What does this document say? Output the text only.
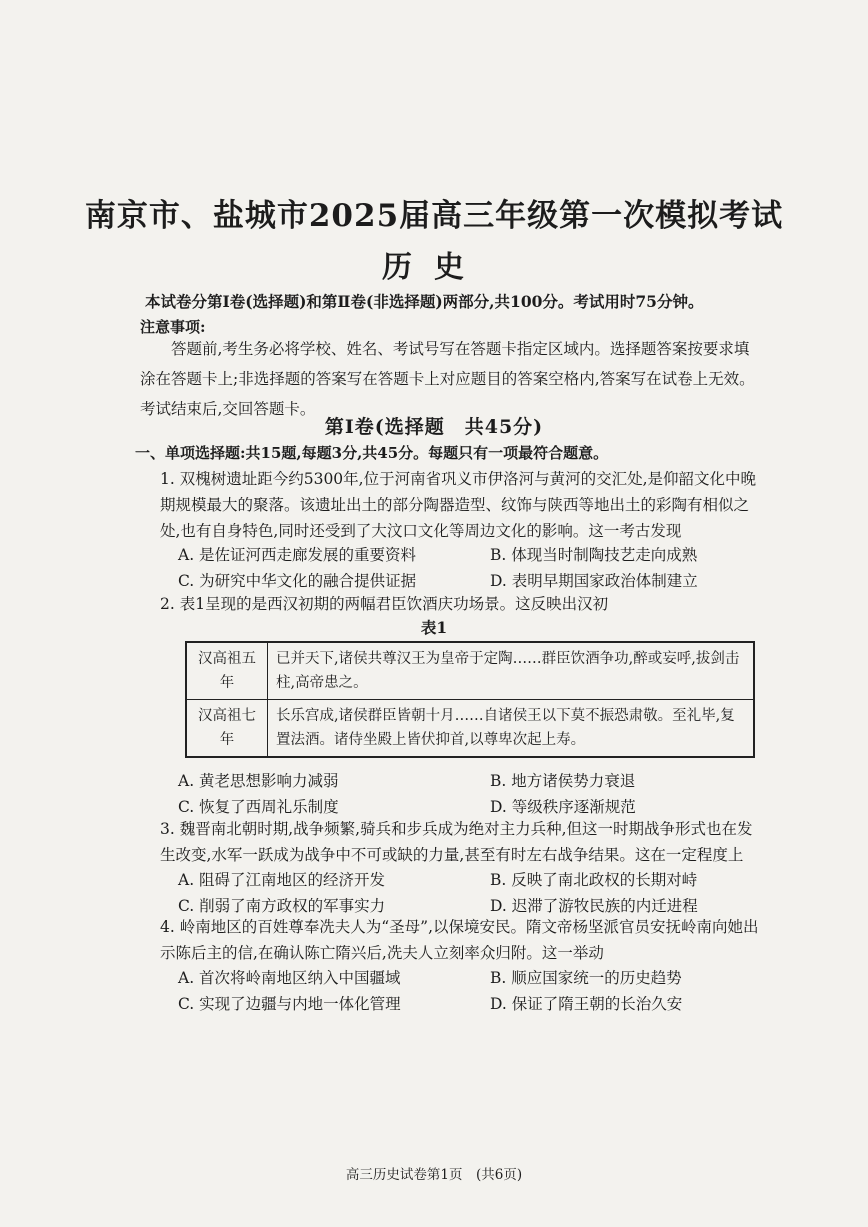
南京市、盐城市2025届高三年级第一次模拟考试
历史
本试卷分第Ⅰ卷(选择题)和第Ⅱ卷(非选择题)两部分,共100分。考试用时75分钟。
注意事项:
答题前,考生务必将学校、姓名、考试号写在答题卡指定区域内。选择题答案按要求填涂在答题卡上;非选择题的答案写在答题卡上对应题目的答案空格内,答案写在试卷上无效。考试结束后,交回答题卡。
第Ⅰ卷(选择题　共45分)
一、单项选择题:共15题,每题3分,共45分。每题只有一项最符合题意。
1. 双槐树遗址距今约5300年,位于河南省巩义市伊洛河与黄河的交汇处,是仰韶文化中晚期规模最大的聚落。该遗址出土的部分陶器造型、纹饰与陕西等地出土的彩陶有相似之处,也有自身特色,同时还受到了大汶口文化等周边文化的影响。这一考古发现
A. 是佐证河西走廊发展的重要资料	B. 体现当时制陶技艺走向成熟
C. 为研究中华文化的融合提供证据	D. 表明早期国家政治体制建立
2. 表1呈现的是西汉初期的两幅君臣饮酒庆功场景。这反映出汉初
表1
汉高祖五年	已并天下,诸侯共尊汉王为皇帝于定陶……群臣饮酒争功,醉或妄呼,拔剑击柱,高帝患之。
汉高祖七年	长乐宫成,诸侯群臣皆朝十月……自诸侯王以下莫不振恐肃敬。至礼毕,复置法酒。诸侍坐殿上皆伏抑首,以尊卑次起上寿。
A. 黄老思想影响力减弱	B. 地方诸侯势力衰退
C. 恢复了西周礼乐制度	D. 等级秩序逐渐规范
3. 魏晋南北朝时期,战争频繁,骑兵和步兵成为绝对主力兵种,但这一时期战争形式也在发生改变,水军一跃成为战争中不可或缺的力量,甚至有时左右战争结果。这在一定程度上
A. 阻碍了江南地区的经济开发	B. 反映了南北政权的长期对峙
C. 削弱了南方政权的军事实力	D. 迟滞了游牧民族的内迁进程
4. 岭南地区的百姓尊奉冼夫人为“圣母”,以保境安民。隋文帝杨坚派官员安抚岭南向她出示陈后主的信,在确认陈亡隋兴后,冼夫人立刻率众归附。这一举动
A. 首次将岭南地区纳入中国疆域	B. 顺应国家统一的历史趋势
C. 实现了边疆与内地一体化管理	D. 保证了隋王朝的长治久安
高三历史试卷第1页　(共6页)
